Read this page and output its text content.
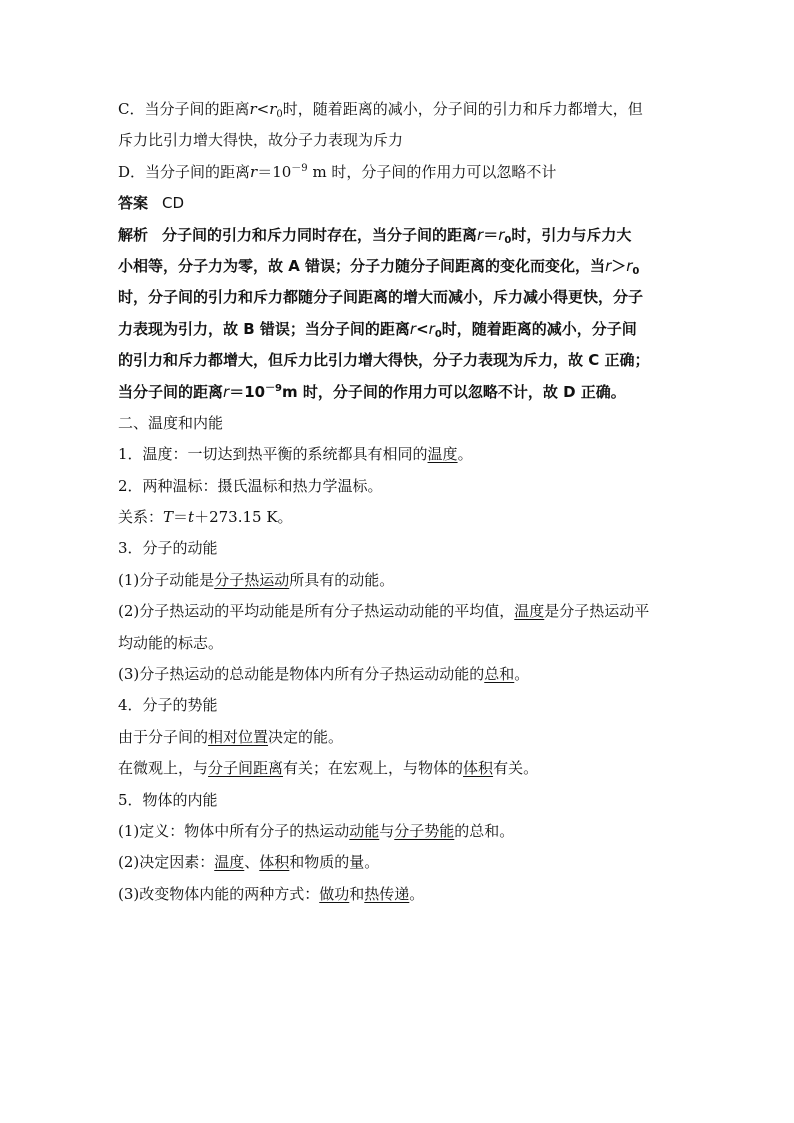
C．当分子间的距离$r<r_0$时，随着距离的减小，分子间的引力和斥力都增大，但
斥力比引力增大得快，故分子力表现为斥力
D．当分子间的距离$r=10^{-9}$ m 时，分子间的作用力可以忽略不计
答案 CD
解析 分子间的引力和斥力同时存在，当分子间的距离$r=r_0$时，引力与斥力大
小相等，分子力为零，故 A 错误；分子力随分子间距离的变化而变化，当$r>r_0$
时，分子间的引力和斥力都随分子间距离的增大而减小，斥力减小得更快，分子
力表现为引力，故 B 错误；当分子间的距离$r<r_0$时，随着距离的减小，分子间
的引力和斥力都增大，但斥力比引力增大得快，分子力表现为斥力，故 C 正确；
当分子间的距离$r=10^{-9}m$ 时，分子间的作用力可以忽略不计，故 D 正确。
二、温度和内能
1．温度：一切达到热平衡的系统都具有相同的温度。
2．两种温标：摄氏温标和热力学温标。
关系：T＝t＋273.15 K。
3．分子的动能
(1)分子动能是分子热运动所具有的动能。
(2)分子热运动的平均动能是所有分子热运动动能的平均值，温度是分子热运动平
均动能的标志。
(3)分子热运动的总动能是物体内所有分子热运动动能的总和。
4．分子的势能
由于分子间的相对位置决定的能。
在微观上，与分子间距离有关；在宏观上，与物体的体积有关。
5．物体的内能
(1)定义：物体中所有分子的热运动动能与分子势能的总和。
(2)决定因素：温度、体积和物质的量。
(3)改变物体内能的两种方式：做功和热传递。
